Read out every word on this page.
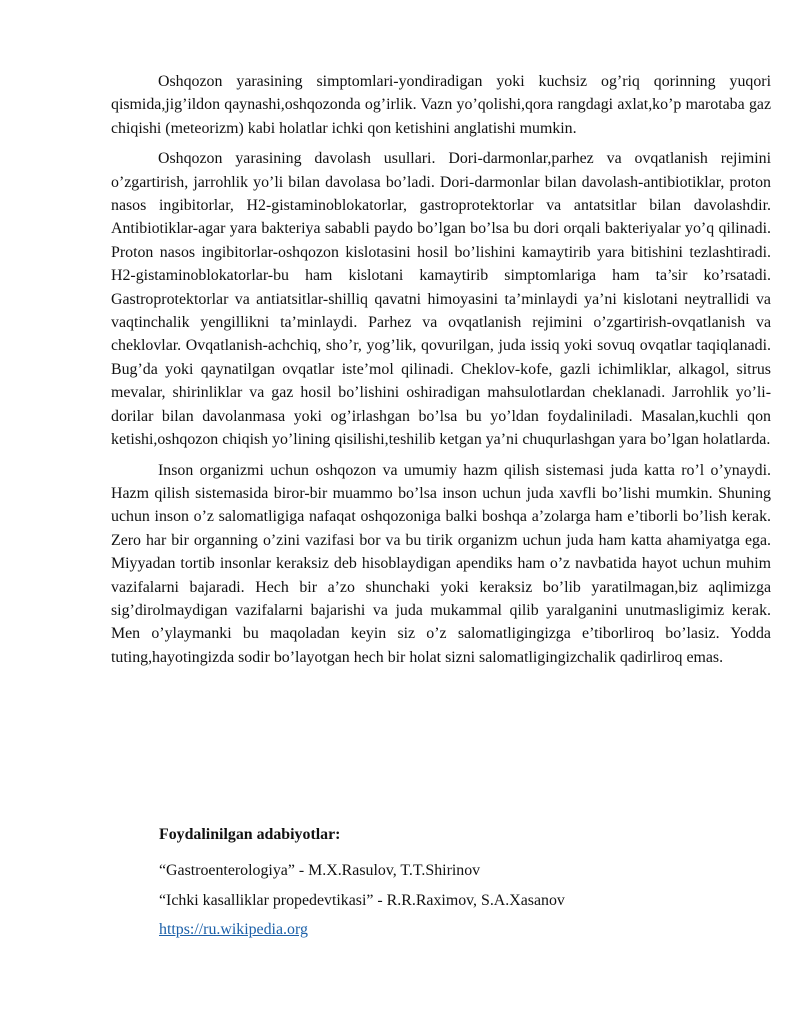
Oshqozon yarasining simptomlari-yondiradigan yoki kuchsiz og’riq qorinning yuqori qismida,jig’ildon qaynashi,oshqozonda og’irlik. Vazn yo’qolishi,qora rangdagi axlat,ko’p marotaba gaz chiqishi (meteorizm) kabi holatlar ichki qon ketishini anglatishi mumkin.

Oshqozon yarasining davolash usullari. Dori-darmonlar,parhez va ovqatlanish rejimini o’zgartirish, jarrohlik yo’li bilan davolasa bo’ladi. Dori-darmonlar bilan davolash-antibiotiklar, proton nasos ingibitorlar, H2-gistaminoblokatorlar, gastroprotektorlar va antatsitlar bilan davolashdir. Antibiotiklar-agar yara bakteriya sababli paydo bo’lgan bo’lsa bu dori orqali bakteriyalar yo’q qilinadi. Proton nasos ingibitorlar-oshqozon kislotasini hosil bo’lishini kamaytirib yara bitishini tezlashtiradi. H2-gistaminoblokatorlar-bu ham kislotani kamaytirib simptomlariga ham ta’sir ko’rsatadi. Gastroprotektorlar va antiatsitlar-shilliq qavatni himoyasini ta’minlaydi ya’ni kislotani neytrallidi va vaqtinchalik yengillikni ta’minlaydi. Parhez va ovqatlanish rejimini o’zgartirish-ovqatlanish va cheklovlar. Ovqatlanish-achchiq, sho’r, yog’lik, qovurilgan, juda issiq yoki sovuq ovqatlar taqiqlanadi. Bug’da yoki qaynatilgan ovqatlar iste’mol qilinadi. Cheklov-kofe, gazli ichimliklar, alkagol, sitrus mevalar, shirinliklar va gaz hosil bo’lishini oshiradigan mahsulotlardan cheklanadi. Jarrohlik yo’li-dorilar bilan davolanmasa yoki og’irlashgan bo’lsa bu yo’ldan foydaliniladi. Masalan,kuchli qon ketishi,oshqozon chiqish yo’lining qisilishi,teshilib ketgan ya’ni chuqurlashgan yara bo’lgan holatlarda.

Inson organizmi uchun oshqozon va umumiy hazm qilish sistemasi juda katta ro’l o’ynaydi. Hazm qilish sistemasida biror-bir muammo bo’lsa inson uchun juda xavfli bo’lishi mumkin. Shuning uchun inson o’z salomatligiga nafaqat oshqozoniga balki boshqa a’zolarga ham e’tiborli bo’lish kerak. Zero har bir organning o’zini vazifasi bor va bu tirik organizm uchun juda ham katta ahamiyatga ega. Miyyadan tortib insonlar keraksiz deb hisoblaydigan apendiks ham o’z navbatida hayot uchun muhim vazifalarni bajaradi. Hech bir a’zo shunchaki yoki keraksiz bo’lib yaratilmagan,biz aqlimizga sig’dirolmaydigan vazifalarni bajarishi va juda mukammal qilib yaralganini unutmasligimiz kerak. Men o’ylaymanki bu maqoladan keyin siz o’z salomatligingizga e’tiborliroq bo’lasiz. Yodda tuting,hayotingizda sodir bo’layotgan hech bir holat sizni salomatligingizchalik qadirliroq emas.

Foydalinilgan adabiyotlar:

“Gastroenterologiya” - M.X.Rasulov, T.T.Shirinov

“Ichki kasalliklar propedevtikasi” - R.R.Raximov, S.A.Xasanov

https://ru.wikipedia.org
